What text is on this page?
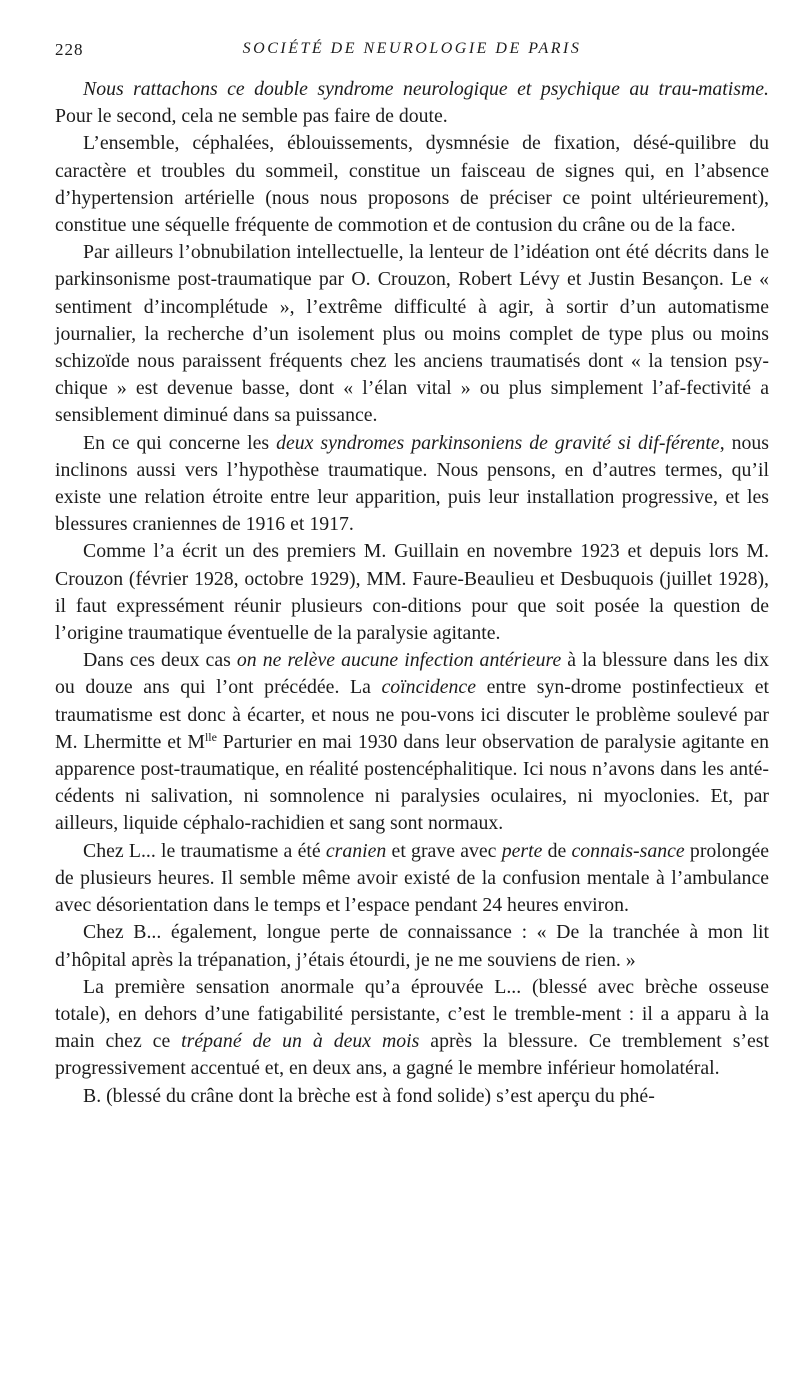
228	SOCIÉTÉ DE NEUROLOGIE DE PARIS

Nous rattachons ce double syndrome neurologique et psychique au trau-matisme. Pour le second, cela ne semble pas faire de doute.

L’ensemble, céphalées, éblouissements, dysmnésie de fixation, désé-quilibre du caractère et troubles du sommeil, constitue un faisceau de signes qui, en l’absence d’hypertension artérielle (nous nous proposons de préciser ce point ultérieurement), constitue une séquelle fréquente de commotion et de contusion du crâne ou de la face.

Par ailleurs l’obnubilation intellectuelle, la lenteur de l’idéation ont été décrits dans le parkinsonisme post-traumatique par O. Crouzon, Robert Lévy et Justin Besançon. Le « sentiment d’incomplétude », l’extrême difficulté à agir, à sortir d’un automatisme journalier, la recherche d’un isolement plus ou moins complet de type plus ou moins schizoïde nous paraissent fréquents chez les anciens traumatisés dont « la tension psy-chique » est devenue basse, dont « l’élan vital » ou plus simplement l’af-fectivité a sensiblement diminué dans sa puissance.

En ce qui concerne les deux syndromes parkinsoniens de gravité si dif-férente, nous inclinons aussi vers l’hypothèse traumatique. Nous pensons, en d’autres termes, qu’il existe une relation étroite entre leur apparition, puis leur installation progressive, et les blessures craniennes de 1916 et 1917.

Comme l’a écrit un des premiers M. Guillain en novembre 1923 et depuis lors M. Crouzon (février 1928, octobre 1929), MM. Faure-Beaulieu et Desbuquois (juillet 1928), il faut expressément réunir plusieurs con-ditions pour que soit posée la question de l’origine traumatique éventuelle de la paralysie agitante.

Dans ces deux cas on ne relève aucune infection antérieure à la blessure dans les dix ou douze ans qui l’ont précédée. La coïncidence entre syn-drome postinfectieux et traumatisme est donc à écarter, et nous ne pou-vons ici discuter le problème soulevé par M. Lhermitte et $M^{lle}$ Parturier en mai 1930 dans leur observation de paralysie agitante en apparence post-traumatique, en réalité postencéphalitique. Ici nous n’avons dans les anté-cédents ni salivation, ni somnolence ni paralysies oculaires, ni myoclonies. Et, par ailleurs, liquide céphalo-rachidien et sang sont normaux.

Chez L... le traumatisme a été cranien et grave avec perte de connais-sance prolongée de plusieurs heures. Il semble même avoir existé de la confusion mentale à l’ambulance avec désorientation dans le temps et l’espace pendant 24 heures environ.

Chez B... également, longue perte de connaissance : « De la tranchée à mon lit d’hôpital après la trépanation, j’étais étourdi, je ne me souviens de rien. »

La première sensation anormale qu’a éprouvée L... (blessé avec brèche osseuse totale), en dehors d’une fatigabilité persistante, c’est le tremble-ment : il a apparu à la main chez ce trépané de un à deux mois après la blessure. Ce tremblement s’est progressivement accentué et, en deux ans, a gagné le membre inférieur homolatéral.

B. (blessé du crâne dont la brèche est à fond solide) s’est aperçu du phé-
